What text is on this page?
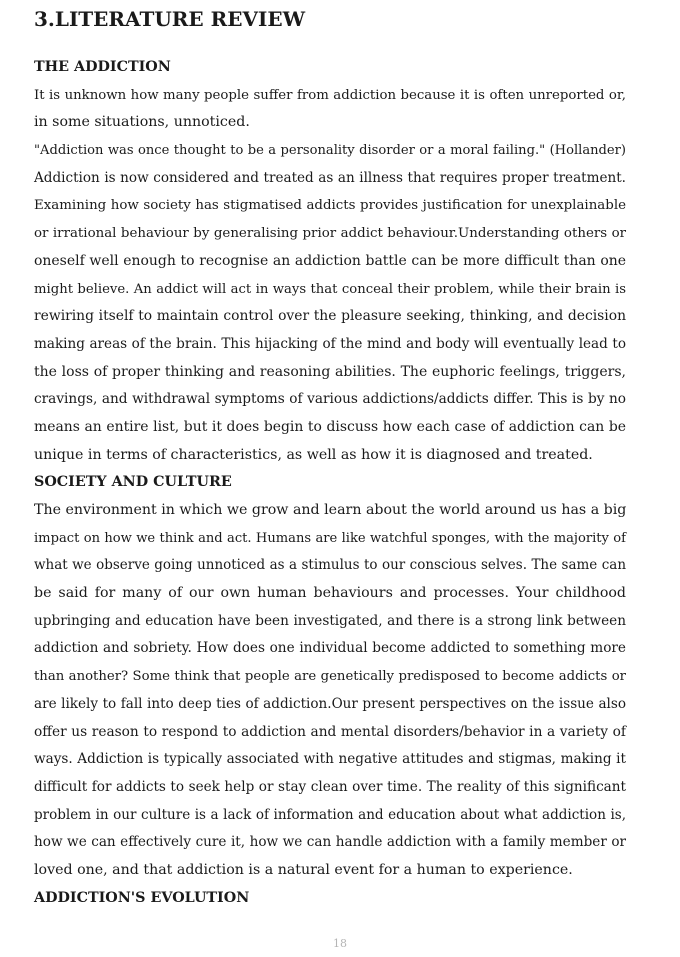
3.LITERATURE REVIEW
THE ADDICTION

It is unknown how many people suffer from addiction because it is often unreported or,
in some situations, unnoticed.

"Addiction was once thought to be a personality disorder or a moral failing." (Hollander)
Addiction is now considered and treated as an illness that requires proper treatment.
Examining how society has stigmatised addicts provides justification for unexplainable
or irrational behaviour by generalising prior addict behaviour.Understanding others or
oneself well enough to recognise an addiction battle can be more difficult than one
might believe. An addict will act in ways that conceal their problem, while their brain is
rewiring itself to maintain control over the pleasure seeking, thinking, and decision
making areas of the brain. This hijacking of the mind and body will eventually lead to
the loss of proper thinking and reasoning abilities. The euphoric feelings, triggers,
cravings, and withdrawal symptoms of various addictions/addicts differ. This is by no
means an entire list, but it does begin to discuss how each case of addiction can be
unique in terms of characteristics, as well as how it is diagnosed and treated.

SOCIETY AND CULTURE

The environment in which we grow and learn about the world around us has a big
impact on how we think and act. Humans are like watchful sponges, with the majority of
what we observe going unnoticed as a stimulus to our conscious selves. The same can
be said for many of our own human behaviours and processes. Your childhood
upbringing and education have been investigated, and there is a strong link between
addiction and sobriety. How does one individual become addicted to something more
than another? Some think that people are genetically predisposed to become addicts or
are likely to fall into deep ties of addiction.Our present perspectives on the issue also
offer us reason to respond to addiction and mental disorders/behavior in a variety of
ways. Addiction is typically associated with negative attitudes and stigmas, making it
difficult for addicts to seek help or stay clean over time. The reality of this significant
problem in our culture is a lack of information and education about what addiction is,
how we can effectively cure it, how we can handle addiction with a family member or
loved one, and that addiction is a natural event for a human to experience.

ADDICTION'S EVOLUTION
18
